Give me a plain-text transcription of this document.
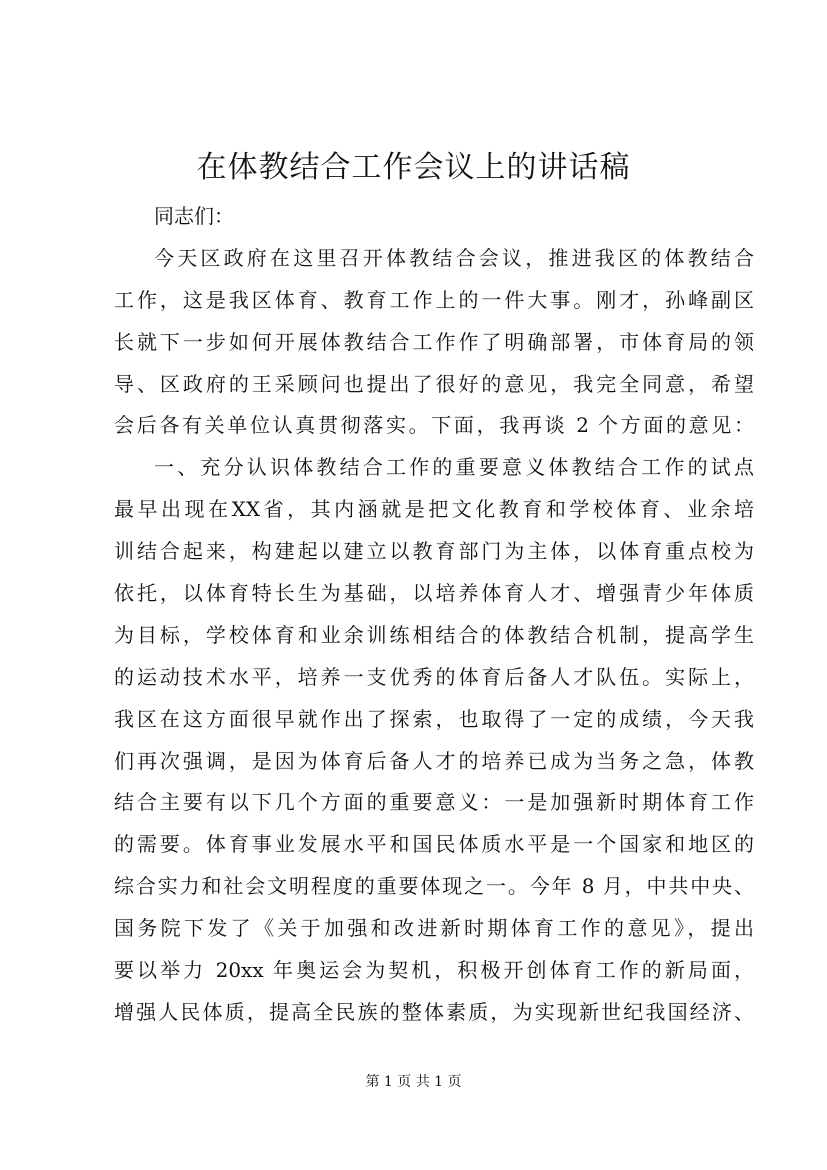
在体教结合工作会议上的讲话稿
同志们：
今天区政府在这里召开体教结合会议，推进我区的体教结合
工作，这是我区体育、教育工作上的一件大事。刚才，孙峰副区
长就下一步如何开展体教结合工作作了明确部署，市体育局的领
导、区政府的王采顾问也提出了很好的意见，我完全同意，希望
会后各有关单位认真贯彻落实。下面，我再谈 2 个方面的意见：
一、充分认识体教结合工作的重要意义体教结合工作的试点
最早出现在XX省，其内涵就是把文化教育和学校体育、业余培
训结合起来，构建起以建立以教育部门为主体，以体育重点校为
依托，以体育特长生为基础，以培养体育人才、增强青少年体质
为目标，学校体育和业余训练相结合的体教结合机制，提高学生
的运动技术水平，培养一支优秀的体育后备人才队伍。实际上，
我区在这方面很早就作出了探索，也取得了一定的成绩，今天我
们再次强调，是因为体育后备人才的培养已成为当务之急，体教
结合主要有以下几个方面的重要意义：一是加强新时期体育工作
的需要。体育事业发展水平和国民体质水平是一个国家和地区的
综合实力和社会文明程度的重要体现之一。今年 8 月，中共中央、
国务院下发了《关于加强和改进新时期体育工作的意见》，提出
要以举力 20xx 年奥运会为契机，积极开创体育工作的新局面，
增强人民体质，提高全民族的整体素质，为实现新世纪我国经济、
第 1 页 共 1 页
